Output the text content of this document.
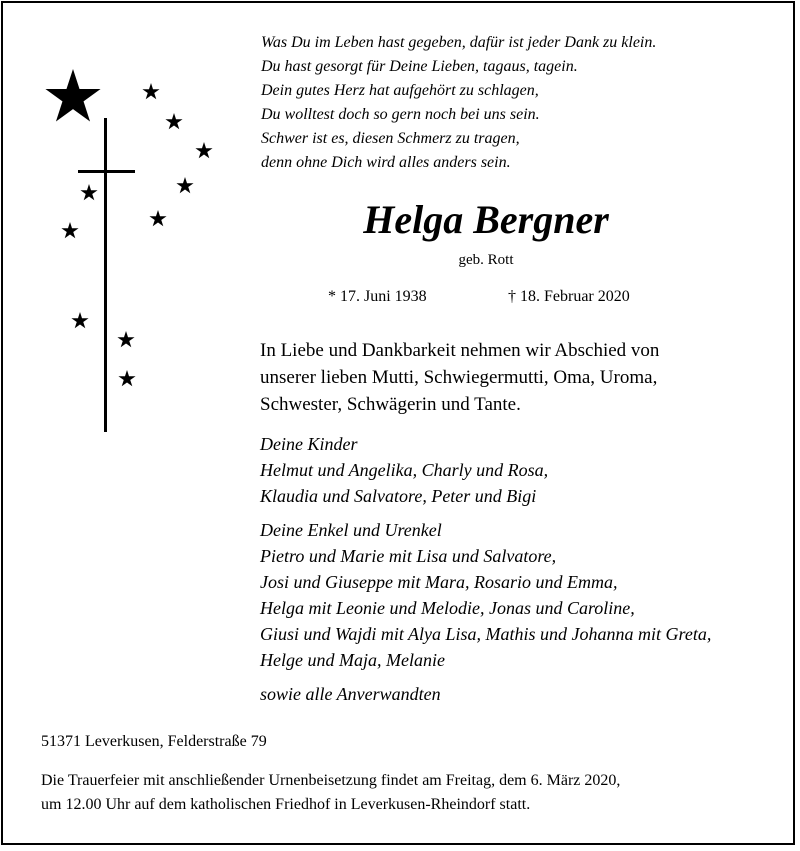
Was Du im Leben hast gegeben, dafür ist jeder Dank zu klein.
Du hast gesorgt für Deine Lieben, tagaus, tagein.
Dein gutes Herz hat aufgehört zu schlagen,
Du wolltest doch so gern noch bei uns sein.
Schwer ist es, diesen Schmerz zu tragen,
denn ohne Dich wird alles anders sein.
Helga Bergner
geb. Rott
* 17. Juni 1938	† 18. Februar 2020
In Liebe und Dankbarkeit nehmen wir Abschied von
unserer lieben Mutti, Schwiegermutti, Oma, Uroma,
Schwester, Schwägerin und Tante.
Deine Kinder
Helmut und Angelika, Charly und Rosa,
Klaudia und Salvatore, Peter und Bigi
Deine Enkel und Urenkel
Pietro und Marie mit Lisa und Salvatore,
Josi und Giuseppe mit Mara, Rosario und Emma,
Helga mit Leonie und Melodie, Jonas und Caroline,
Giusi und Wajdi mit Alya Lisa, Mathis und Johanna mit Greta,
Helge und Maja, Melanie
sowie alle Anverwandten
51371 Leverkusen, Felderstraße 79
Die Trauerfeier mit anschließender Urnenbeisetzung findet am Freitag, dem 6. März 2020,
um 12.00 Uhr auf dem katholischen Friedhof in Leverkusen-Rheindorf statt.
